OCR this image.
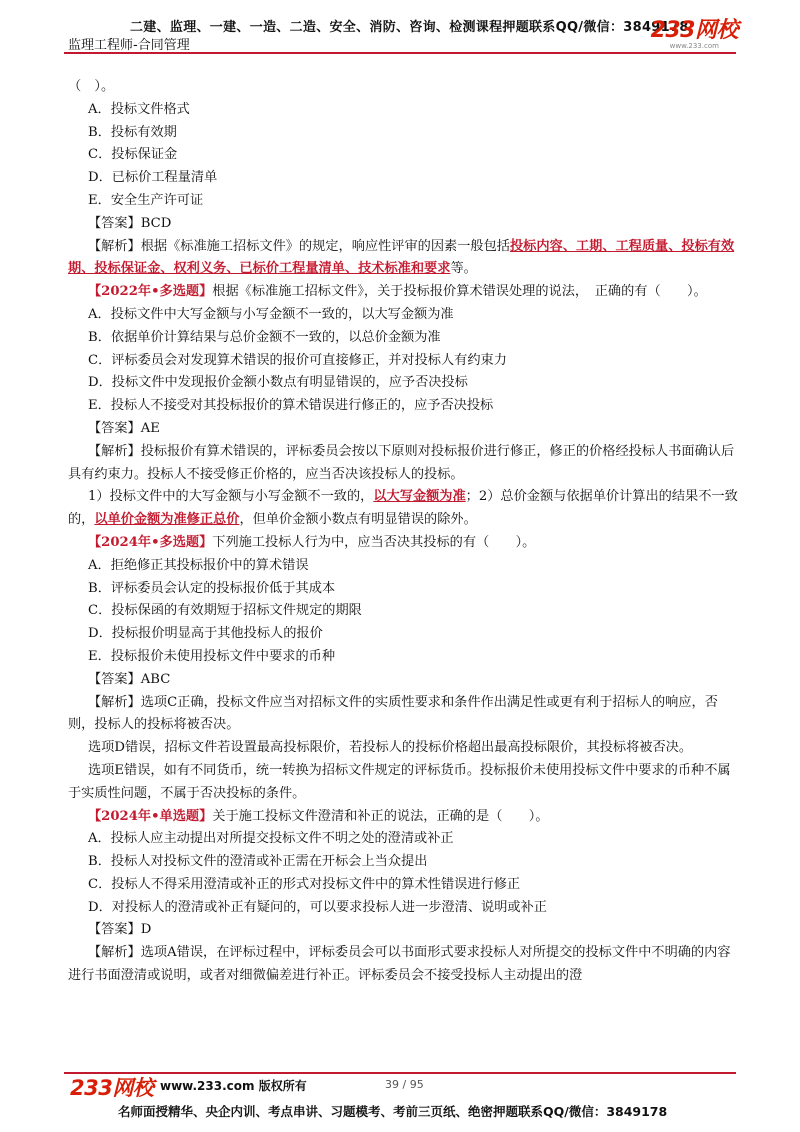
二建、监理、一建、一造、二造、安全、消防、咨询、检测课程押题联系QQ/微信：3849178
监理工程师-合同管理
233网校
www.233.com

（　）。

A．投标文件格式

B．投标有效期

C．投标保证金

D．已标价工程量清单

E．安全生产许可证

【答案】BCD

【解析】根据《标准施工招标文件》的规定，响应性评审的因素一般包括投标内容、工期、工程质量、投标有效期、投标保证金、权利义务、已标价工程量清单、技术标准和要求等。

【2022年•多选题】根据《标准施工招标文件》，关于投标报价算术错误处理的说法，　正确的有（　　）。

A．投标文件中大写金额与小写金额不一致的，以大写金额为准

B．依据单价计算结果与总价金额不一致的，以总价金额为准

C．评标委员会对发现算术错误的报价可直接修正，并对投标人有约束力

D．投标文件中发现报价金额小数点有明显错误的，应予否决投标

E．投标人不接受对其投标报价的算术错误进行修正的，应予否决投标

【答案】AE

【解析】投标报价有算术错误的，评标委员会按以下原则对投标报价进行修正，修正的价格经投标人书面确认后具有约束力。投标人不接受修正价格的，应当否决该投标人的投标。

1）投标文件中的大写金额与小写金额不一致的，以大写金额为准；2）总价金额与依据单价计算出的结果不一致的，以单价金额为准修正总价，但单价金额小数点有明显错误的除外。

【2024年•多选题】下列施工投标人行为中，应当否决其投标的有（　　）。

A．拒绝修正其投标报价中的算术错误

B．评标委员会认定的投标报价低于其成本

C．投标保函的有效期短于招标文件规定的期限

D．投标报价明显高于其他投标人的报价

E．投标报价未使用投标文件中要求的币种

【答案】ABC

【解析】选项C正确，投标文件应当对招标文件的实质性要求和条件作出满足性或更有利于招标人的响应，否则，投标人的投标将被否决。

选项D错误，招标文件若设置最高投标限价，若投标人的投标价格超出最高投标限价，其投标将被否决。

选项E错误，如有不同货币，统一转换为招标文件规定的评标货币。投标报价未使用投标文件中要求的币种不属于实质性问题，不属于否决投标的条件。

【2024年•单选题】关于施工投标文件澄清和补正的说法，正确的是（　　）。

A．投标人应主动提出对所提交投标文件不明之处的澄清或补正

B．投标人对投标文件的澄清或补正需在开标会上当众提出

C．投标人不得采用澄清或补正的形式对投标文件中的算术性错误进行修正

D．对投标人的澄清或补正有疑问的，可以要求投标人进一步澄清、说明或补正

【答案】D

【解析】选项A错误，在评标过程中，评标委员会可以书面形式要求投标人对所提交的投标文件中不明确的内容进行书面澄清或说明，或者对细微偏差进行补正。评标委员会不接受投标人主动提出的澄

233网校 www.233.com 版权所有	39 / 95
名师面授精华、央企内训、考点串讲、习题模考、考前三页纸、绝密押题联系QQ/微信：3849178
